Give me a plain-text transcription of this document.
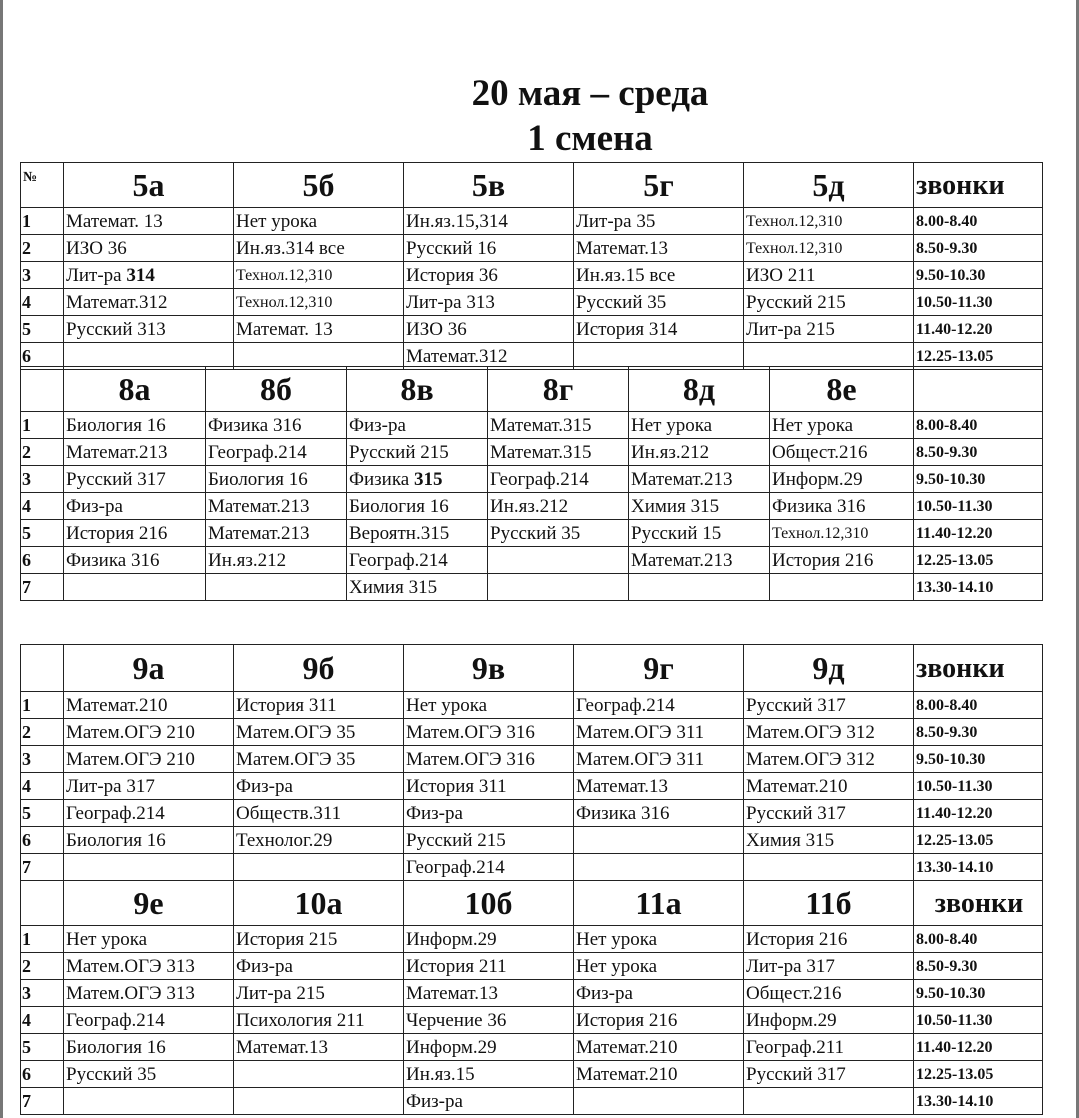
20 мая – среда
1 смена
№	5а	5б	5в	5г	5д	звонки
1	Математ. 13	Нет урока	Ин.яз.15,314	Лит-ра 35	Технол.12,310	8.00-8.40
2	ИЗО 36	Ин.яз.314 все	Русский 16	Математ.13	Технол.12,310	8.50-9.30
3	Лит-ра 314	Технол.12,310	История 36	Ин.яз.15 все	ИЗО 211	9.50-10.30
4	Математ.312	Технол.12,310	Лит-ра 313	Русский 35	Русский 215	10.50-11.30
5	Русский 313	Математ. 13	ИЗО 36	История 314	Лит-ра 215	11.40-12.20
6			Математ.312			12.25-13.05
	8а	8б	8в	8г	8д	8е	
1	Биология 16	Физика 316	Физ-ра	Математ.315	Нет урока	Нет урока	8.00-8.40
2	Математ.213	Географ.214	Русский 215	Математ.315	Ин.яз.212	Общест.216	8.50-9.30
3	Русский 317	Биология 16	Физика 315	Географ.214	Математ.213	Информ.29	9.50-10.30
4	Физ-ра	Математ.213	Биология 16	Ин.яз.212	Химия 315	Физика 316	10.50-11.30
5	История 216	Математ.213	Вероятн.315	Русский 35	Русский 15	Технол.12,310	11.40-12.20
6	Физика 316	Ин.яз.212	Географ.214		Математ.213	История 216	12.25-13.05
7			Химия 315				13.30-14.10
	9а	9б	9в	9г	9д	звонки
1	Математ.210	История 311	Нет урока	Географ.214	Русский 317	8.00-8.40
2	Матем.ОГЭ 210	Матем.ОГЭ 35	Матем.ОГЭ 316	Матем.ОГЭ 311	Матем.ОГЭ 312	8.50-9.30
3	Матем.ОГЭ 210	Матем.ОГЭ 35	Матем.ОГЭ 316	Матем.ОГЭ 311	Матем.ОГЭ 312	9.50-10.30
4	Лит-ра 317	Физ-ра	История 311	Математ.13	Математ.210	10.50-11.30
5	Географ.214	Обществ.311	Физ-ра	Физика 316	Русский 317	11.40-12.20
6	Биология 16	Технолог.29	Русский 215		Химия 315	12.25-13.05
7			Географ.214			13.30-14.10
	9е	10а	10б	11а	11б	звонки
1	Нет урока	История 215	Информ.29	Нет урока	История 216	8.00-8.40
2	Матем.ОГЭ 313	Физ-ра	История 211	Нет урока	Лит-ра 317	8.50-9.30
3	Матем.ОГЭ 313	Лит-ра 215	Математ.13	Физ-ра	Общест.216	9.50-10.30
4	Географ.214	Психология 211	Черчение 36	История 216	Информ.29	10.50-11.30
5	Биология 16	Математ.13	Информ.29	Математ.210	Географ.211	11.40-12.20
6	Русский 35		Ин.яз.15	Математ.210	Русский 317	12.25-13.05
7			Физ-ра			13.30-14.10
